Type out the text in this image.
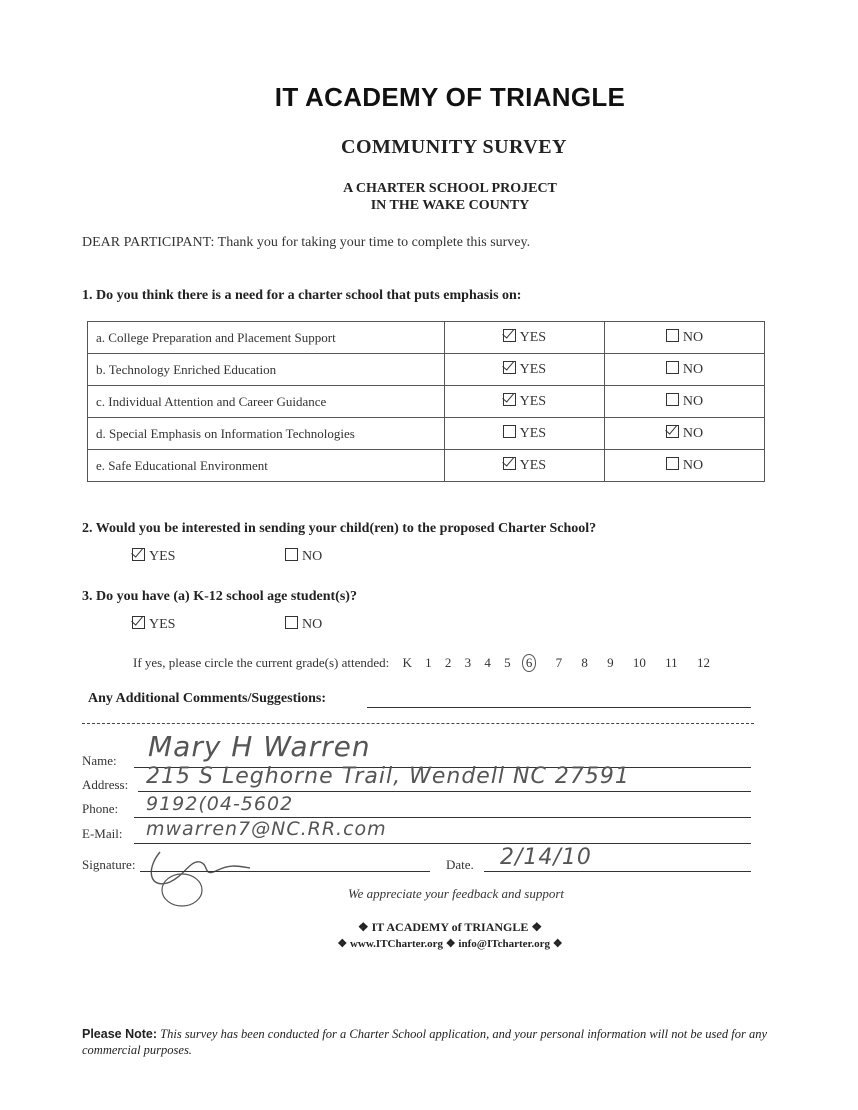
IT ACADEMY OF TRIANGLE
COMMUNITY SURVEY
A CHARTER SCHOOL PROJECT
IN THE WAKE COUNTY
DEAR PARTICIPANT: Thank you for taking your time to complete this survey.
1. Do you think there is a need for a charter school that puts emphasis on:
a. College Preparation and Placement Support	YES	NO
b. Technology Enriched Education	YES	NO
c. Individual Attention and Career Guidance	YES	NO
d. Special Emphasis on Information Technologies	YES	NO
e. Safe Educational Environment	YES	NO
2. Would you be interested in sending your child(ren) to the proposed Charter School?
YES	NO
3. Do you have (a) K-12 school age student(s)?
YES	NO
If yes, please circle the current grade(s) attended: K 1 2 3 4 5 6 7 8 9 10 11 12
Any Additional Comments/Suggestions:
Name: Mary H Warren
Address: 215 S Leghorne Trail, Wendell NC 27591
Phone: 9192(04-5602
E-Mail: mwarren7@NC.RR.com
Signature:	Date. 2/14/10
We appreciate your feedback and support
❖ IT ACADEMY of TRIANGLE ❖
❖ www.ITCharter.org ❖ info@ITcharter.org ❖
Please Note: This survey has been conducted for a Charter School application, and your personal information will not be used for any commercial purposes.
